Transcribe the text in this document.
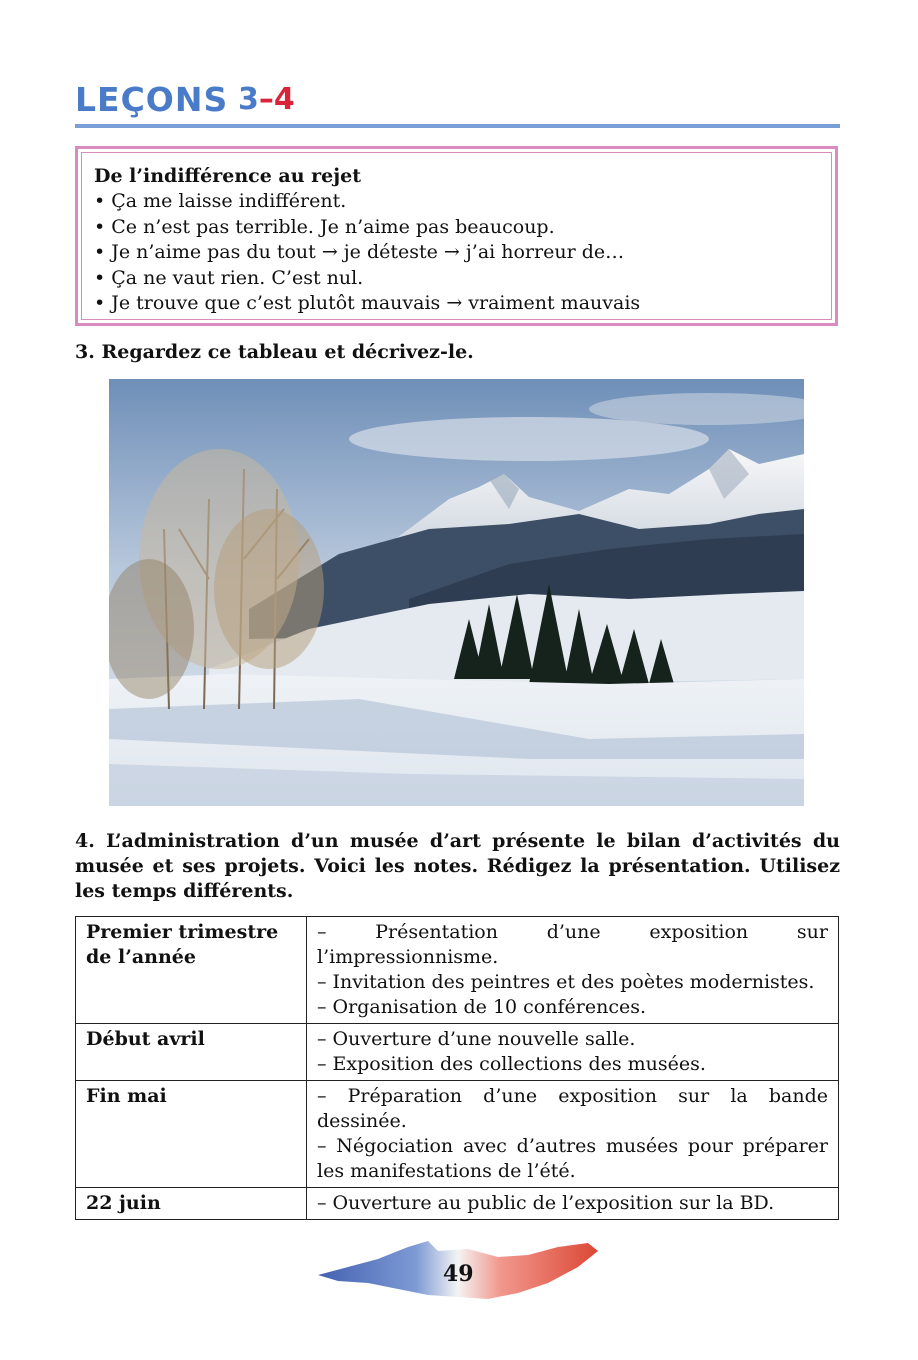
LEÇONS 3–4
De l’indifférence au rejet
• Ça me laisse indifférent.
• Ce n’est pas terrible. Je n’aime pas beaucoup.
• Je n’aime pas du tout → je déteste → j’ai horreur de…
• Ça ne vaut rien. C’est nul.
• Je trouve que c’est plutôt mauvais → vraiment mauvais
3. Regardez ce tableau et décrivez-le.
4. L’administration d’un musée d’art présente le bilan d’activités du musée et ses projets. Voici les notes. Rédigez la présentation. Utilisez les temps différents.
Premier trimestre de l’année	– Présentation d’une exposition sur l’impressionnisme.
– Invitation des peintres et des poètes modernistes.
– Organisation de 10 conférences.

Début avril	– Ouverture d’une nouvelle salle.
– Exposition des collections des musées.

Fin mai	– Préparation d’une exposition sur la bande dessinée.
– Négociation avec d’autres musées pour préparer les manifestations de l’été.

22 juin	– Ouverture au public de l’exposition sur la BD.
49
